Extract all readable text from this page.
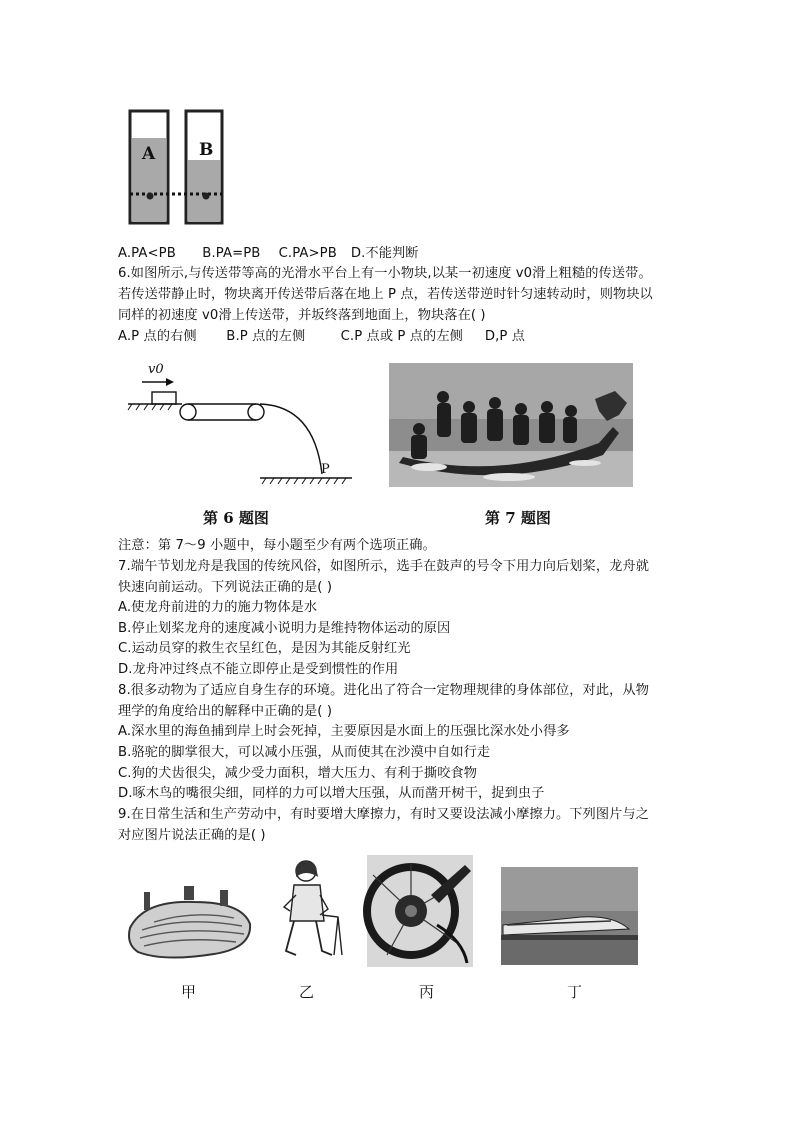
A	B
A.PA<PB B.PA=PB C.PA>PB D.不能判断
6.如图所示,与传送带等高的光滑水平台上有一小物块,以某一初速度 v0滑上粗糙的传送带。
若传送带静止时，物块离开传送带后落在地上 P 点，若传送带逆时针匀速转动时，则物块以
同样的初速度 v0滑上传送带，并坂终落到地面上，物块落在( )
A.P 点的右侧 B.P 点的左侧	C.P 点或 P 点的左侧 D,P 点
v0
P
第 6 题图	第 7 题图
注意：第 7～9 小题中，每小题至少有两个选项正确。
7.端午节划龙舟是我国的传统风俗，如图所示，选手在鼓声的号令下用力向后划桨，龙舟就
快速向前运动。下列说法正确的是( )
A.使龙舟前进的力的施力物体是水
B.停止划桨龙舟的速度减小说明力是维持物体运动的原因
C.运动员穿的救生衣呈红色，是因为其能反射红光
D.龙舟冲过终点不能立即停止是受到惯性的作用
8.很多动物为了适应自身生存的环境。进化出了符合一定物理规律的身体部位，对此，从物
理学的角度给出的解释中正确的是( )
A.深水里的海鱼捕到岸上时会死掉，主要原因是水面上的压强比深水处小得多
B.骆驼的脚掌很大，可以减小压强，从而使其在沙漠中自如行走
C.狗的犬齿很尖，减少受力面积，增大压力、有利于撕咬食物
D.啄木鸟的嘴很尖细，同样的力可以增大压强，从而凿开树干，捉到虫子
9.在日常生活和生产劳动中，有时要增大摩擦力，有时又要设法减小摩擦力。下列图片与之
对应图片说法正确的是( )
甲	乙	丙	丁
